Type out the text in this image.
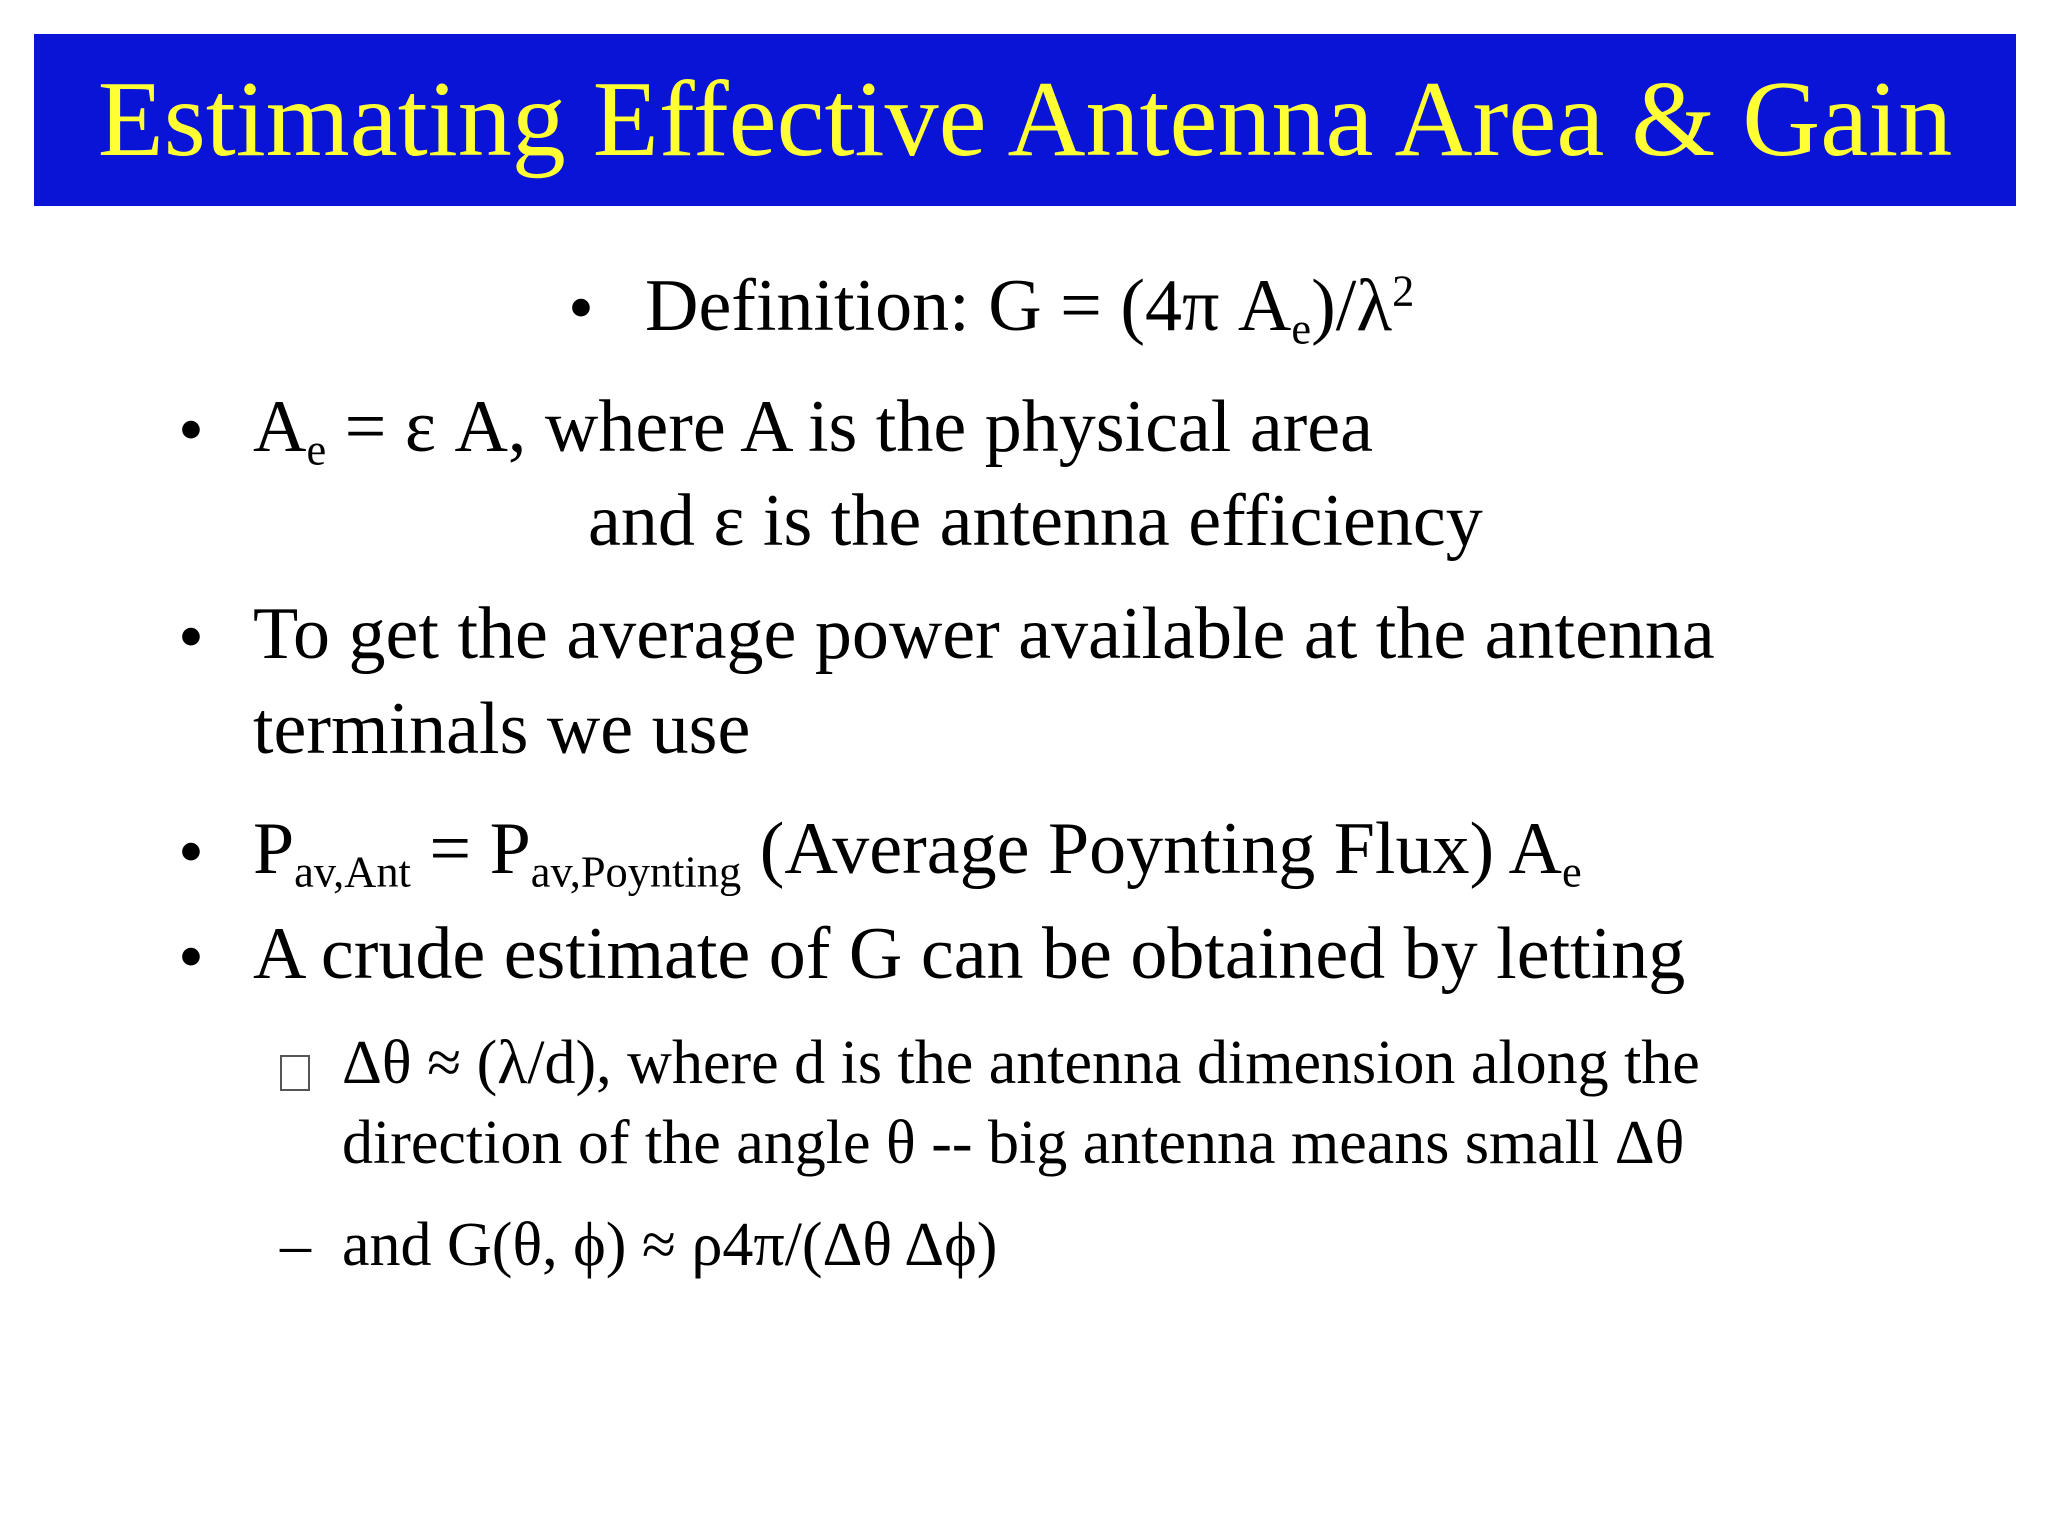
Estimating Effective Antenna Area & Gain
• Definition: G = (4π $A_e)/\lambda^2$
• $A_e = \varepsilon$ A, where A is the physical area
and ε is the antenna efficiency
• To get the average power available at the antenna
terminals we use
• $P_{av,Ant} = P_{av,Poynting}$ (Average Poynting Flux) $A_e$
• A crude estimate of G can be obtained by letting
Δθ ≈ (λ/d), where d is the antenna dimension along the
direction of the angle θ -- big antenna means small Δθ
– and G(θ, ϕ) ≈ ρ4π/(Δθ Δϕ)
